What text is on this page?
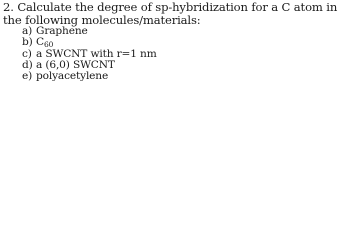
2. Calculate the degree of sp-hybridization for a C atom in the following molecules/materials:
a) Graphene
b) $C_{60}$
c) a SWCNT with r=1 nm
d) a (6,0) SWCNT
e) polyacetylene
